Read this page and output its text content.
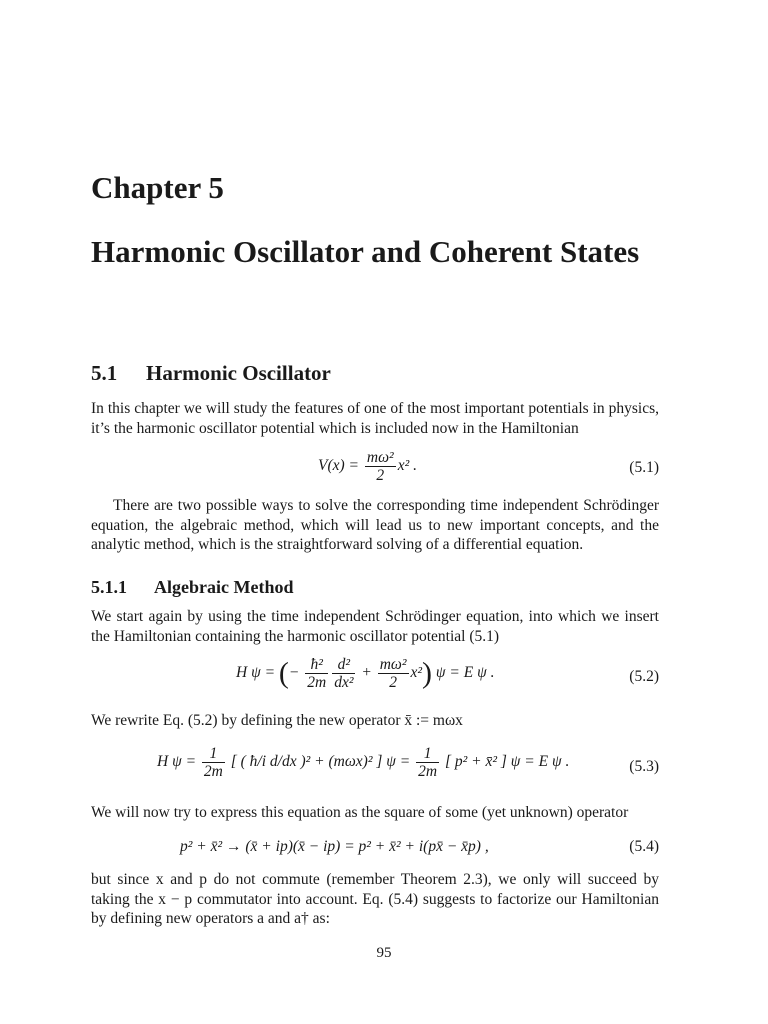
Chapter 5
Harmonic Oscillator and Coherent States
5.1 Harmonic Oscillator

In this chapter we will study the features of one of the most important potentials in physics, it’s the harmonic oscillator potential which is included now in the Hamiltonian

$V(x) = \frac{\text{mω²}}{2} x^2$ .	(5.1)

There are two possible ways to solve the corresponding time independent Schrödinger equation, the algebraic method, which will lead us to new important concepts, and the analytic method, which is the straightforward solving of a differential equation.

5.1.1 Algebraic Method

We start again by using the time independent Schrödinger equation, into which we insert the Hamiltonian containing the harmonic oscillator potential (5.1)

H ψ = (− $\frac{\text{ħ²}}{2m} \frac{\text{d²}}{\text{dx²}} + \frac{\text{mω²}}{2} x^2$) ψ = E ψ .	(5.2)

We rewrite Eq. (5.2) by defining the new operator x̄ := mωx

H $\psi = \frac{1}{2m}$ [ ( ħ/i d/dx )² + (mωx)² ] $\psi = \frac{1}{2m}$ [ p² + x̄² ] ψ = E ψ .	(5.3)

We will now try to express this equation as the square of some (yet unknown) operator

p² + x̄² → (x̄ + ip)(x̄ − ip) = p² + x̄² + i(px̄ − x̄p) ,	(5.4)

but since x and p do not commute (remember Theorem 2.3), we only will succeed by taking the x − p commutator into account. Eq. (5.4) suggests to factorize our Hamiltonian by defining new operators a and a† as:

95
